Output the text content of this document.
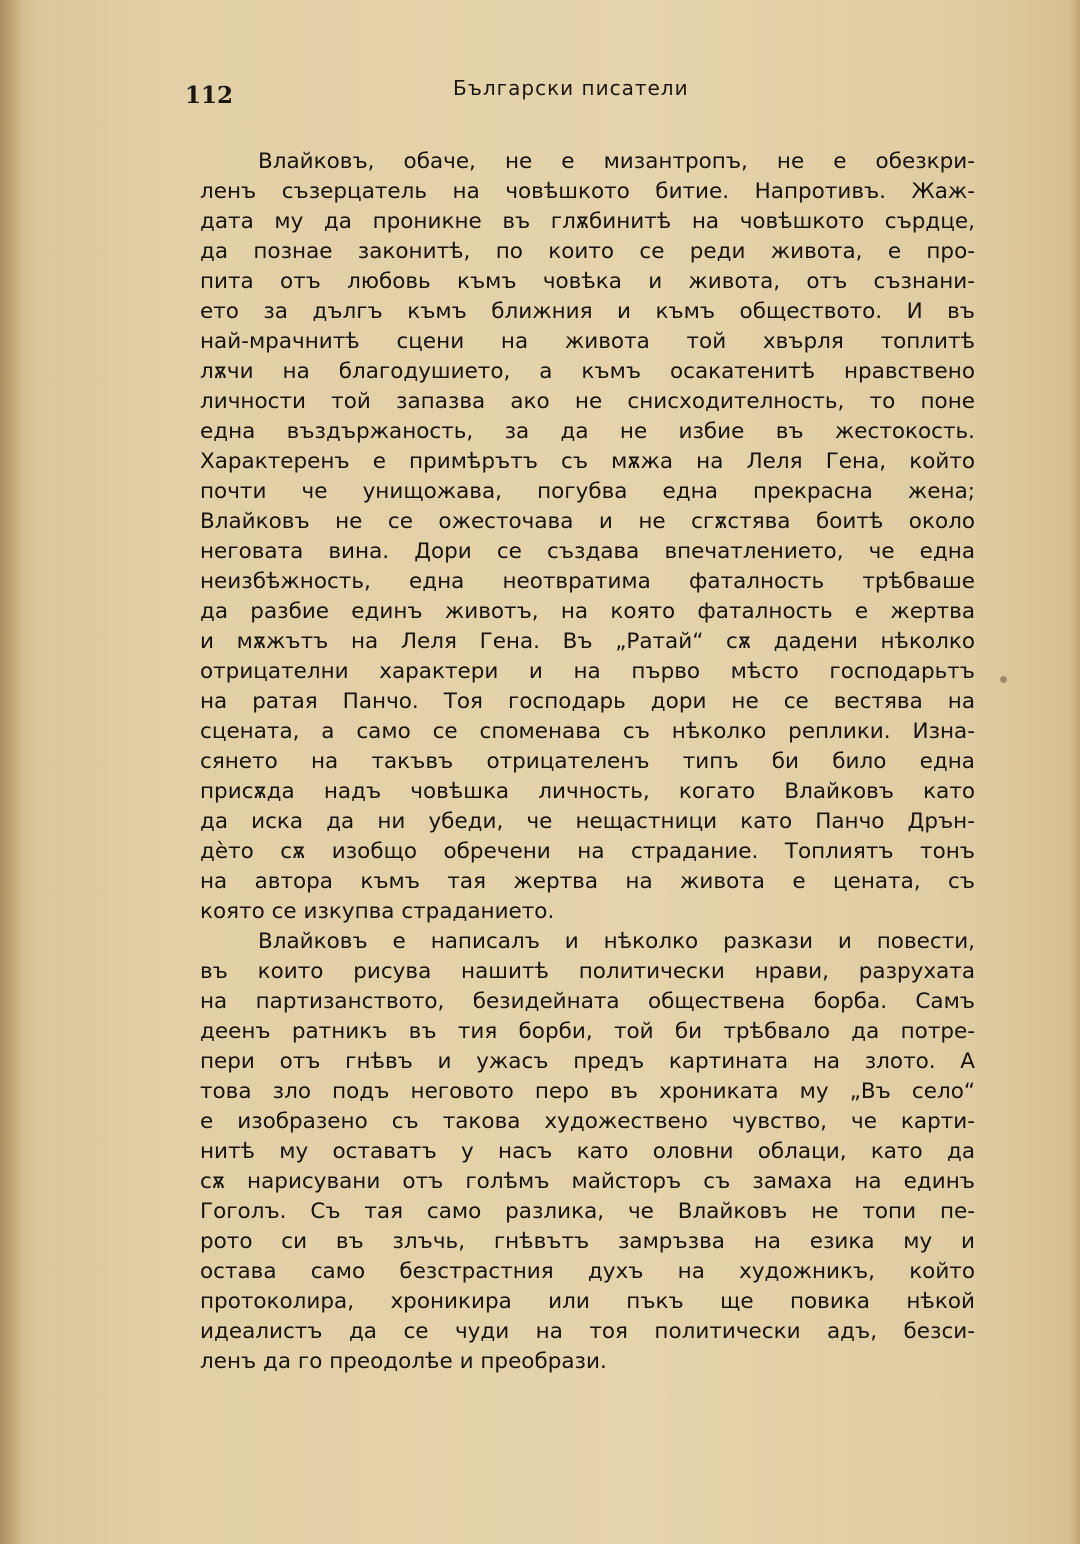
112	Български писатели
Влайковъ, обаче, не е мизантропъ, не е обезкри-
ленъ съзерцатель на човѣшкото битие. Напротивъ. Жаж-
дата му да проникне въ глѫбинитѣ на човѣшкото сърдце,
да познае законитѣ, по които се реди живота, е про-
пита отъ любовь къмъ човѣка и живота, отъ съзнани-
ето за дългъ къмъ ближния и къмъ обществото. И въ
най-мрачнитѣ сцени на живота той хвърля топлитѣ
лѫчи на благодушието, а къмъ осакатенитѣ нравствено
личности той запазва ако не снисходителность, то поне
една въздържаность, за да не избие въ жестокость.
Характеренъ е примѣрътъ съ мѫжа на Леля Гена, който
почти че унищожава, погубва една прекрасна жена;
Влайковъ не се ожесточава и не сгѫстява боитѣ около
неговата вина. Дори се създава впечатлението, че една
неизбѣжность, една неотвратима фаталность трѣбваше
да разбие единъ животъ, на която фаталность е жертва
и мѫжътъ на Леля Гена. Въ „Ратай“ сѫ дадени нѣколко
отрицателни характери и на първо мѣсто господарьтъ
на ратая Панчо. Тоя господарь дори не се вестява на
сцената, а само се споменава съ нѣколко реплики. Изна-
сянето на такъвъ отрицателенъ типъ би било една
присѫда надъ човѣшка личность, когато Влайковъ като
да иска да ни убеди, че нещастници като Панчо Дрън-
дѐто сѫ изобщо обречени на страдание. Топлиятъ тонъ
на автора къмъ тая жертва на живота е цената, съ
която се изкупва страданието.
Влайковъ е написалъ и нѣколко разкази и повести,
въ които рисува нашитѣ политически нрави, разрухата
на партизанството, безидейната обществена борба. Самъ
деенъ ратникъ въ тия борби, той би трѣбвало да потре-
пери отъ гнѣвъ и ужасъ предъ картината на злото. А
това зло подъ неговото перо въ хрониката му „Въ село“
е изобразено съ такова художествено чувство, че карти-
нитѣ му оставатъ у насъ като оловни облаци, като да
сѫ нарисувани отъ голѣмъ майсторъ съ замаха на единъ
Гоголъ. Съ тая само разлика, че Влайковъ не топи пе-
рото си въ злъчь, гнѣвътъ замръзва на езика му и
остава само безстрастния духъ на художникъ, който
протоколира, хроникира или пъкъ ще повика нѣкой
идеалистъ да се чуди на тоя политически адъ, безси-
ленъ да го преодолѣе и преобрази.
